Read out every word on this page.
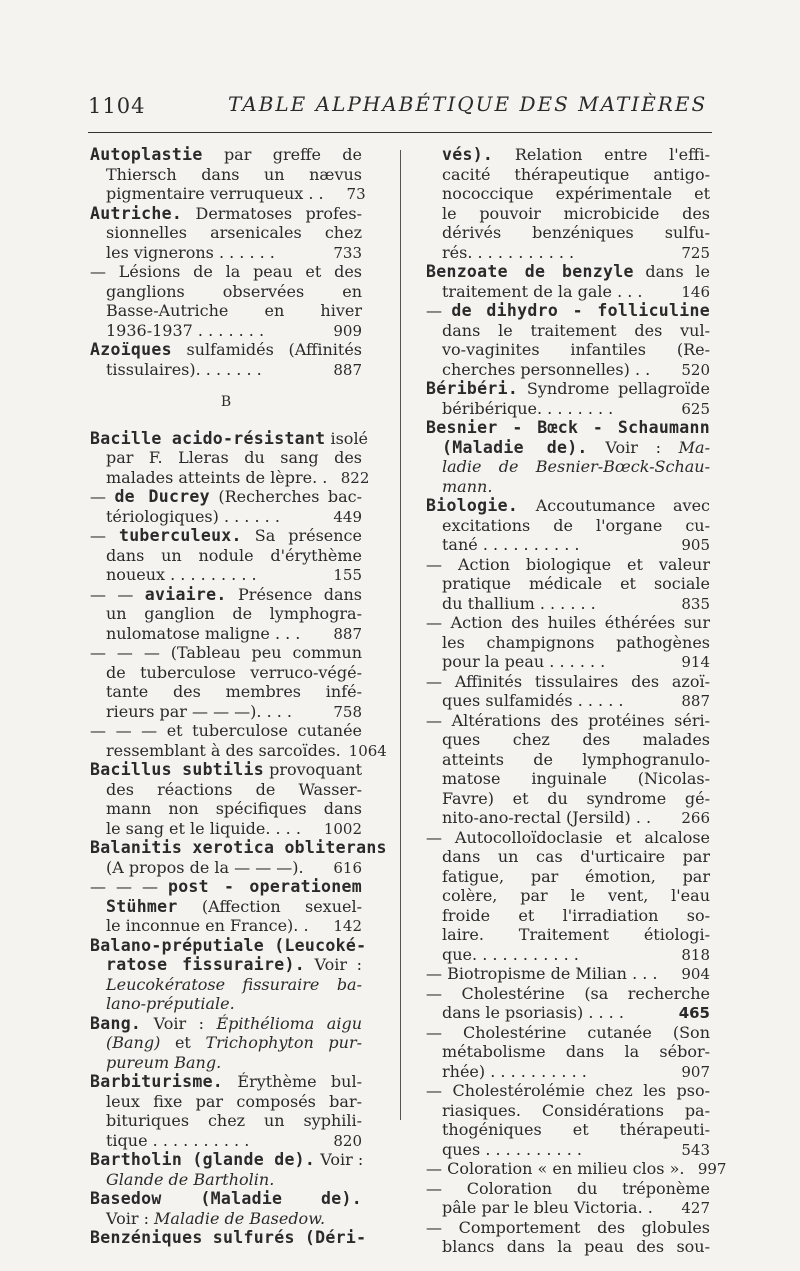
1104	TABLE ALPHABÉTIQUE DES MATIÈRES
Autoplastie par greffe de
Thiersch dans un nævus
pigmentaire verruqueux . .	73
Autriche. Dermatoses profes-
sionnelles arsenicales chez
les vignerons . . . . . .	733
— Lésions de la peau et des
ganglions observées en
Basse-Autriche en hiver
1936-1937 . . . . . . .	909
Azoïques sulfamidés (Affinités
tissulaires). . . . . . .	887
B
Bacille acido-résistant isolé
par F. Lleras du sang des
malades atteints de lèpre. . 822
— de Ducrey (Recherches bac-
tériologiques) . . . . . .	449
— tuberculeux. Sa présence
dans un nodule d'érythème
noueux . . . . . . . . .	155
— — aviaire. Présence dans
un ganglion de lymphogra-
nulomatose maligne . . .	887
— — — (Tableau peu commun
de tuberculose verruco-végé-
tante des membres infé-
rieurs par — — —). . . .	758
— — — et tuberculose cutanée
ressemblant à des sarcoïdes. 1064
Bacillus subtilis provoquant
des réactions de Wasser-
mann non spécifiques dans
le sang et le liquide. . . .	1002
Balanitis xerotica obliterans
(A propos de la — — —).	616
— — — post - operationem
Stühmer (Affection sexuel-
le inconnue en France). .	142
Balano-préputiale (Leucoké-
ratose fissuraire). Voir :
Leucokératose fissuraire ba-
lano-préputiale.
Bang. Voir : Épithélioma aigu
(Bang) et Trichophyton pur-
pureum Bang.
Barbiturisme. Érythème bul-
leux fixe par composés bar-
bituriques chez un syphili-
tique . . . . . . . . . .	820
Bartholin (glande de). Voir :
Glande de Bartholin.
Basedow (Maladie de).
Voir : Maladie de Basedow.
Benzéniques sulfurés (Déri-
vés). Relation entre l'effi-
cacité thérapeutique antigo-
nococcique expérimentale et
le pouvoir microbicide des
dérivés benzéniques sulfu-
rés. . . . . . . . . . .	725
Benzoate de benzyle dans le
traitement de la gale . . .	146
— de dihydro - folliculine
dans le traitement des vul-
vo-vaginites infantiles (Re-
cherches personnelles) . .	520
Béribéri. Syndrome pellagroïde
béribérique. . . . . . . .	625
Besnier - Bœck - Schaumann
(Maladie de). Voir : Ma-
ladie de Besnier-Bœck-Schau-
mann.
Biologie. Accoutumance avec
excitations de l'organe cu-
tané . . . . . . . . . .	905
— Action biologique et valeur
pratique médicale et sociale
du thallium . . . . . .	835
— Action des huiles éthérées sur
les champignons pathogènes
pour la peau . . . . . .	914
— Affinités tissulaires des azoï-
ques sulfamidés . . . . .	887
— Altérations des protéines séri-
ques chez des malades
atteints de lymphogranulo-
matose inguinale (Nicolas-
Favre) et du syndrome gé-
nito-ano-rectal (Jersild) . .	266
— Autocolloïdoclasie et alcalose
dans un cas d'urticaire par
fatigue, par émotion, par
colère, par le vent, l'eau
froide et l'irradiation so-
laire. Traitement étiologi-
que. . . . . . . . . . .	818
— Biotropisme de Milian . . .	904
— Cholestérine (sa recherche
dans le psoriasis) . . . .	465
— Cholestérine cutanée (Son
métabolisme dans la sébor-
rhée) . . . . . . . . . .	907
— Cholestérolémie chez les pso-
riasiques. Considérations pa-
thogéniques et thérapeuti-
ques . . . . . . . . . .	543
— Coloration « en milieu clos ». 997
— Coloration du tréponème
pâle par le bleu Victoria. .	427
— Comportement des globules
blancs dans la peau des sou-
